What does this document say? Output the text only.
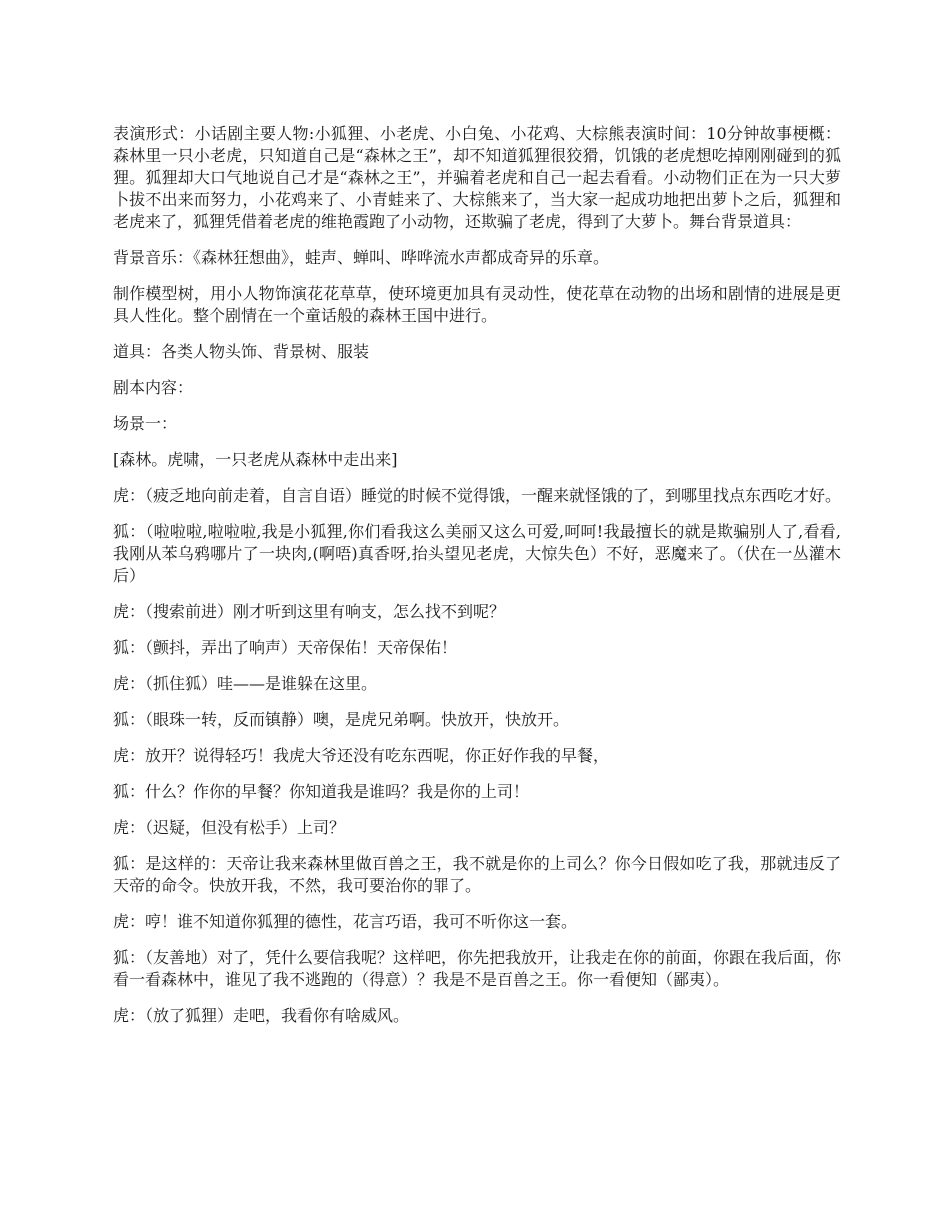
表演形式：小话剧主要人物:小狐狸、小老虎、小白兔、小花鸡、大棕熊表演时间：10分钟故事梗概：森林里一只小老虎，只知道自己是“森林之王”，却不知道狐狸很狡猾，饥饿的老虎想吃掉刚刚碰到的狐狸。狐狸却大口气地说自己才是“森林之王”，并骗着老虎和自己一起去看看。小动物们正在为一只大萝卜拔不出来而努力，小花鸡来了、小青蛙来了、大棕熊来了，当大家一起成功地把出萝卜之后，狐狸和老虎来了，狐狸凭借着老虎的维艳霞跑了小动物，还欺骗了老虎，得到了大萝卜。舞台背景道具：

背景音乐：《森林狂想曲》，蛙声、蝉叫、哗哗流水声都成奇异的乐章。

制作模型树，用小人物饰演花花草草，使环境更加具有灵动性，使花草在动物的出场和剧情的进展是更具人性化。整个剧情在一个童话般的森林王国中进行。

道具：各类人物头饰、背景树、服装

剧本内容：

场景一：

[森林。虎啸，一只老虎从森林中走出来]

虎：（疲乏地向前走着，自言自语）睡觉的时候不觉得饿，一醒来就怪饿的了，到哪里找点东西吃才好。

狐：（啦啦啦,啦啦啦,我是小狐狸,你们看我这么美丽又这么可爱,呵呵!我最擅长的就是欺骗别人了,看看,我刚从苯乌鸦哪片了一块肉,(啊唔)真香呀,抬头望见老虎，大惊失色）不好，恶魔来了。（伏在一丛灌木后）

虎：（搜索前进）刚才听到这里有响支，怎么找不到呢？

狐：（颤抖，弄出了响声）天帝保佑！天帝保佑！

虎：（抓住狐）哇——是谁躲在这里。

狐：（眼珠一转，反而镇静）噢，是虎兄弟啊。快放开，快放开。

虎：放开？说得轻巧！我虎大爷还没有吃东西呢，你正好作我的早餐，

狐：什么？作你的早餐？你知道我是谁吗？我是你的上司！

虎：（迟疑，但没有松手）上司？

狐：是这样的：天帝让我来森林里做百兽之王，我不就是你的上司么？你今日假如吃了我，那就违反了天帝的命令。快放开我，不然，我可要治你的罪了。

虎：哼！谁不知道你狐狸的德性，花言巧语，我可不听你这一套。

狐：（友善地）对了，凭什么要信我呢？这样吧，你先把我放开，让我走在你的前面，你跟在我后面，你看一看森林中，谁见了我不逃跑的（得意）？我是不是百兽之王。你一看便知（鄙夷）。

虎：（放了狐狸）走吧，我看你有啥威风。
